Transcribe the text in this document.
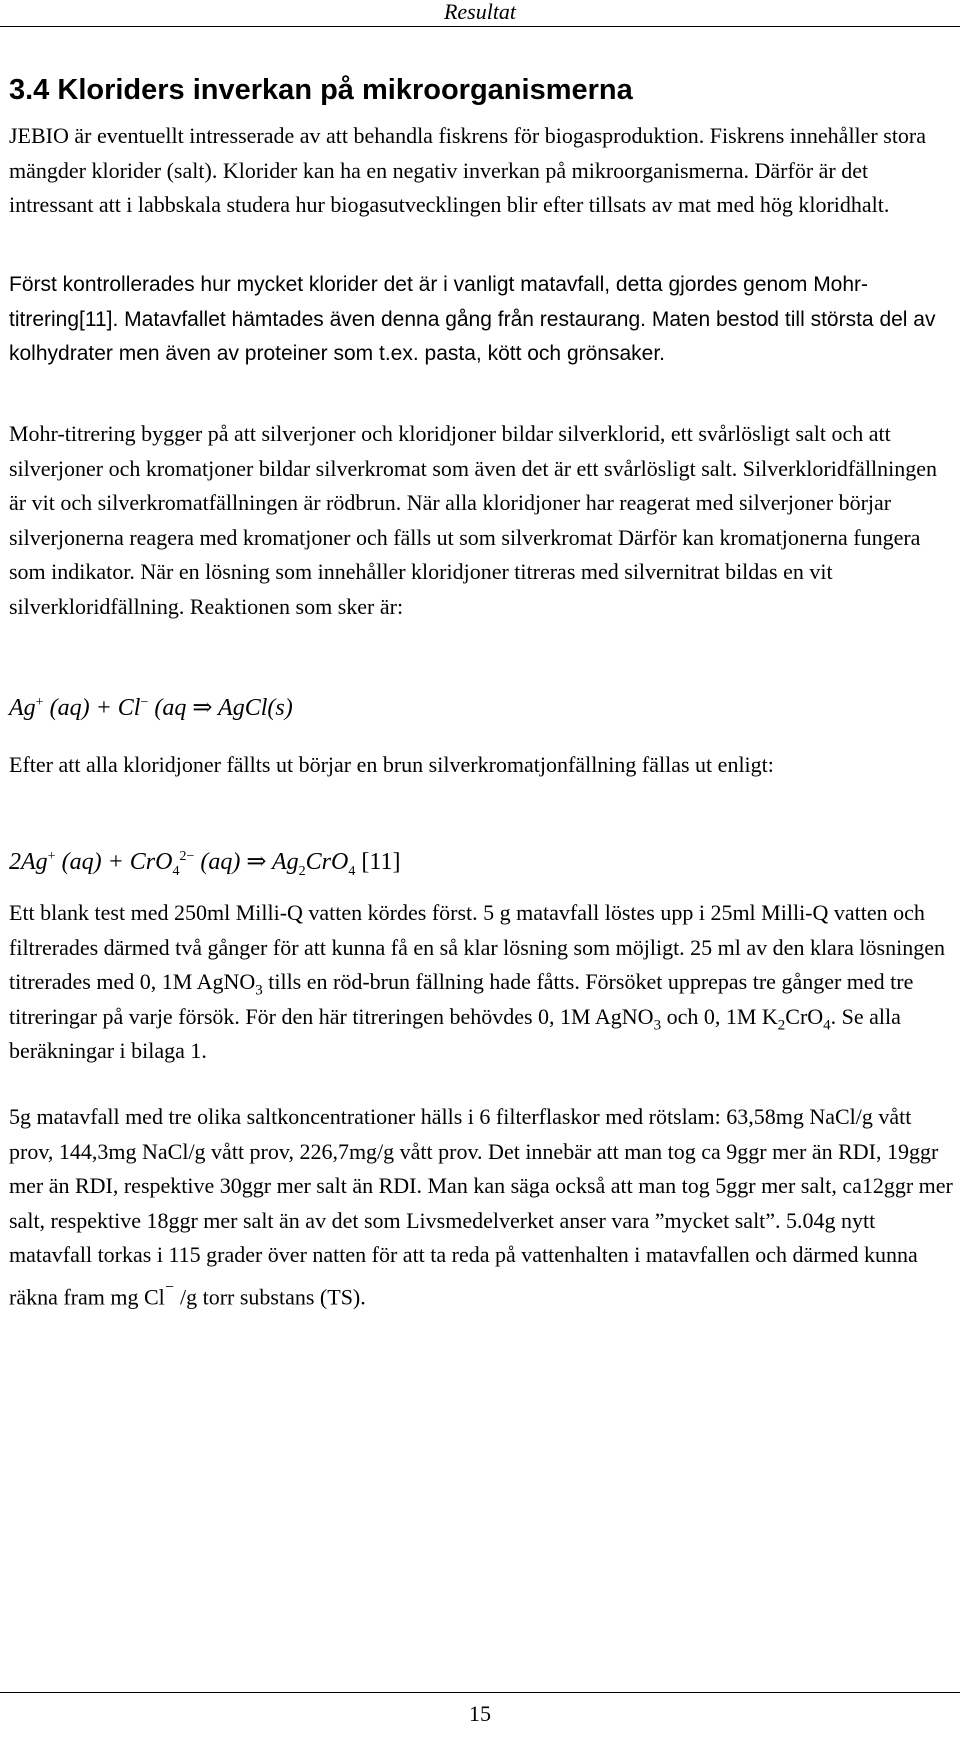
Resultat
3.4 Kloriders inverkan på mikroorganismerna

JEBIO är eventuellt intresserade av att behandla fiskrens för biogasproduktion. Fiskrens innehåller stora mängder klorider (salt). Klorider kan ha en negativ inverkan på mikroorganismerna. Därför är det intressant att i labbskala studera hur biogasutvecklingen blir efter tillsats av mat med hög kloridhalt.

Först kontrollerades hur mycket klorider det är i vanligt matavfall, detta gjordes genom Mohr- titrering[11]. Matavfallet hämtades även denna gång från restaurang. Maten bestod till största del av kolhydrater men även av proteiner som t.ex. pasta, kött och grönsaker.

Mohr-titrering bygger på att silverjoner och kloridjoner bildar silverklorid, ett svårlösligt salt och att silverjoner och kromatjoner bildar silverkromat som även det är ett svårlösligt salt. Silverkloridfällningen är vit och silverkromatfällningen är rödbrun. När alla kloridjoner har reagerat med silverjoner börjar silverjonerna reagera med kromatjoner och fälls ut som silverkromat Därför kan kromatjonerna fungera som indikator. När en lösning som innehåller kloridjoner titreras med silvernitrat bildas en vit silverkloridfällning. Reaktionen som sker är:

Ag+ (aq) + Cl− (aq ⇒ AgCl(s)

Efter att alla kloridjoner fällts ut börjar en brun silverkromatjonfällning fällas ut enligt:

2Ag+ (aq) + CrO$_4^{2-}$ (aq) ⇒ $Ag_2CrO_4$ [11]

Ett blank test med 250ml Milli-Q vatten kördes först. 5 g matavfall löstes upp i 25ml Milli-Q vatten och filtrerades därmed två gånger för att kunna få en så klar lösning som möjligt. 25 ml av den klara lösningen titrerades med 0, 1M AgNO$_3$ tills en röd-brun fällning hade fåtts. Försöket upprepas tre gånger med tre titreringar på varje försök. För den här titreringen behövdes 0, 1M AgNO$_3$ och 0, 1M $K_2CrO_4$. Se alla beräkningar i bilaga 1.

5g matavfall med tre olika saltkoncentrationer hälls i 6 filterflaskor med rötslam: 63,58mg NaCl/g vått prov, 144,3mg NaCl/g vått prov, 226,7mg/g vått prov. Det innebär att man tog ca 9ggr mer än RDI, 19ggr mer än RDI, respektive 30ggr mer salt än RDI. Man kan säga också att man tog 5ggr mer salt, ca12ggr mer salt, respektive 18ggr mer salt än av det som Livsmedelverket anser vara ”mycket salt”. 5.04g nytt matavfall torkas i 115 grader över natten för att ta reda på vattenhalten i matavfallen och därmed kunna räkna fram mg Cl⁻ /g torr substans (TS).

15
